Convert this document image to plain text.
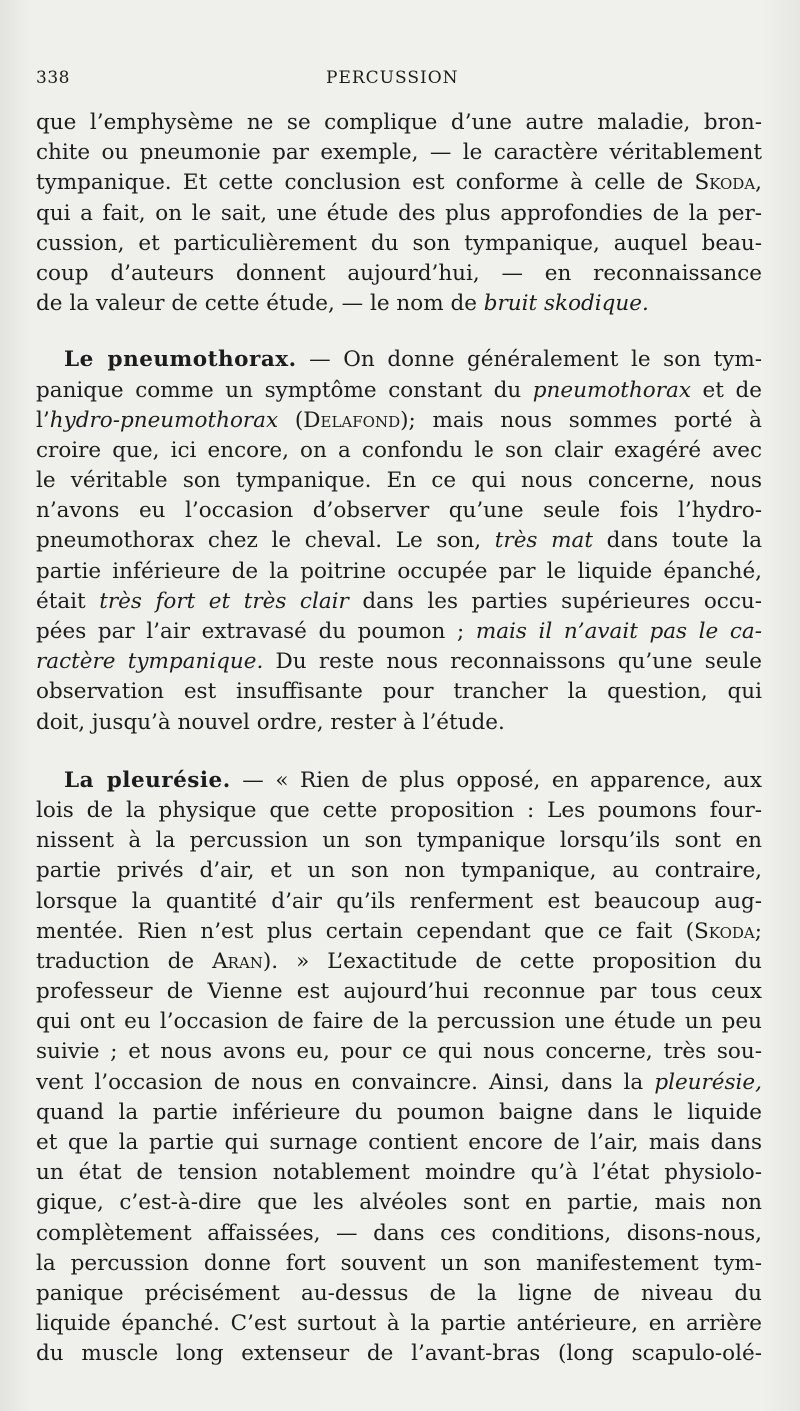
338	PERCUSSION
que l’emphysème ne se complique d’une autre maladie, bron-
chite ou pneumonie par exemple, — le caractère véritablement
tympanique. Et cette conclusion est conforme à celle de Skoda,
qui a fait, on le sait, une étude des plus approfondies de la per-
cussion, et particulièrement du son tympanique, auquel beau-
coup d’auteurs donnent aujourd’hui, — en reconnaissance
de la valeur de cette étude, — le nom de bruit skodique.
Le pneumothorax. — On donne généralement le son tym-
panique comme un symptôme constant du pneumothorax et de
l’hydro-pneumothorax (Delafond); mais nous sommes porté à
croire que, ici encore, on a confondu le son clair exagéré avec
le véritable son tympanique. En ce qui nous concerne, nous
n’avons eu l’occasion d’observer qu’une seule fois l’hydro-
pneumothorax chez le cheval. Le son, très mat dans toute la
partie inférieure de la poitrine occupée par le liquide épanché,
était très fort et très clair dans les parties supérieures occu-
pées par l’air extravasé du poumon ; mais il n’avait pas le ca-
ractère tympanique. Du reste nous reconnaissons qu’une seule
observation est insuffisante pour trancher la question, qui
doit, jusqu’à nouvel ordre, rester à l’étude.
La pleurésie. — « Rien de plus opposé, en apparence, aux
lois de la physique que cette proposition : Les poumons four-
nissent à la percussion un son tympanique lorsqu’ils sont en
partie privés d’air, et un son non tympanique, au contraire,
lorsque la quantité d’air qu’ils renferment est beaucoup aug-
mentée. Rien n’est plus certain cependant que ce fait (Skoda;
traduction de Aran). » L’exactitude de cette proposition du
professeur de Vienne est aujourd’hui reconnue par tous ceux
qui ont eu l’occasion de faire de la percussion une étude un peu
suivie ; et nous avons eu, pour ce qui nous concerne, très sou-
vent l’occasion de nous en convaincre. Ainsi, dans la pleurésie,
quand la partie inférieure du poumon baigne dans le liquide
et que la partie qui surnage contient encore de l’air, mais dans
un état de tension notablement moindre qu’à l’état physiolo-
gique, c’est-à-dire que les alvéoles sont en partie, mais non
complètement affaissées, — dans ces conditions, disons-nous,
la percussion donne fort souvent un son manifestement tym-
panique précisément au-dessus de la ligne de niveau du
liquide épanché. C’est surtout à la partie antérieure, en arrière
du muscle long extenseur de l’avant-bras (long scapulo-olé-
